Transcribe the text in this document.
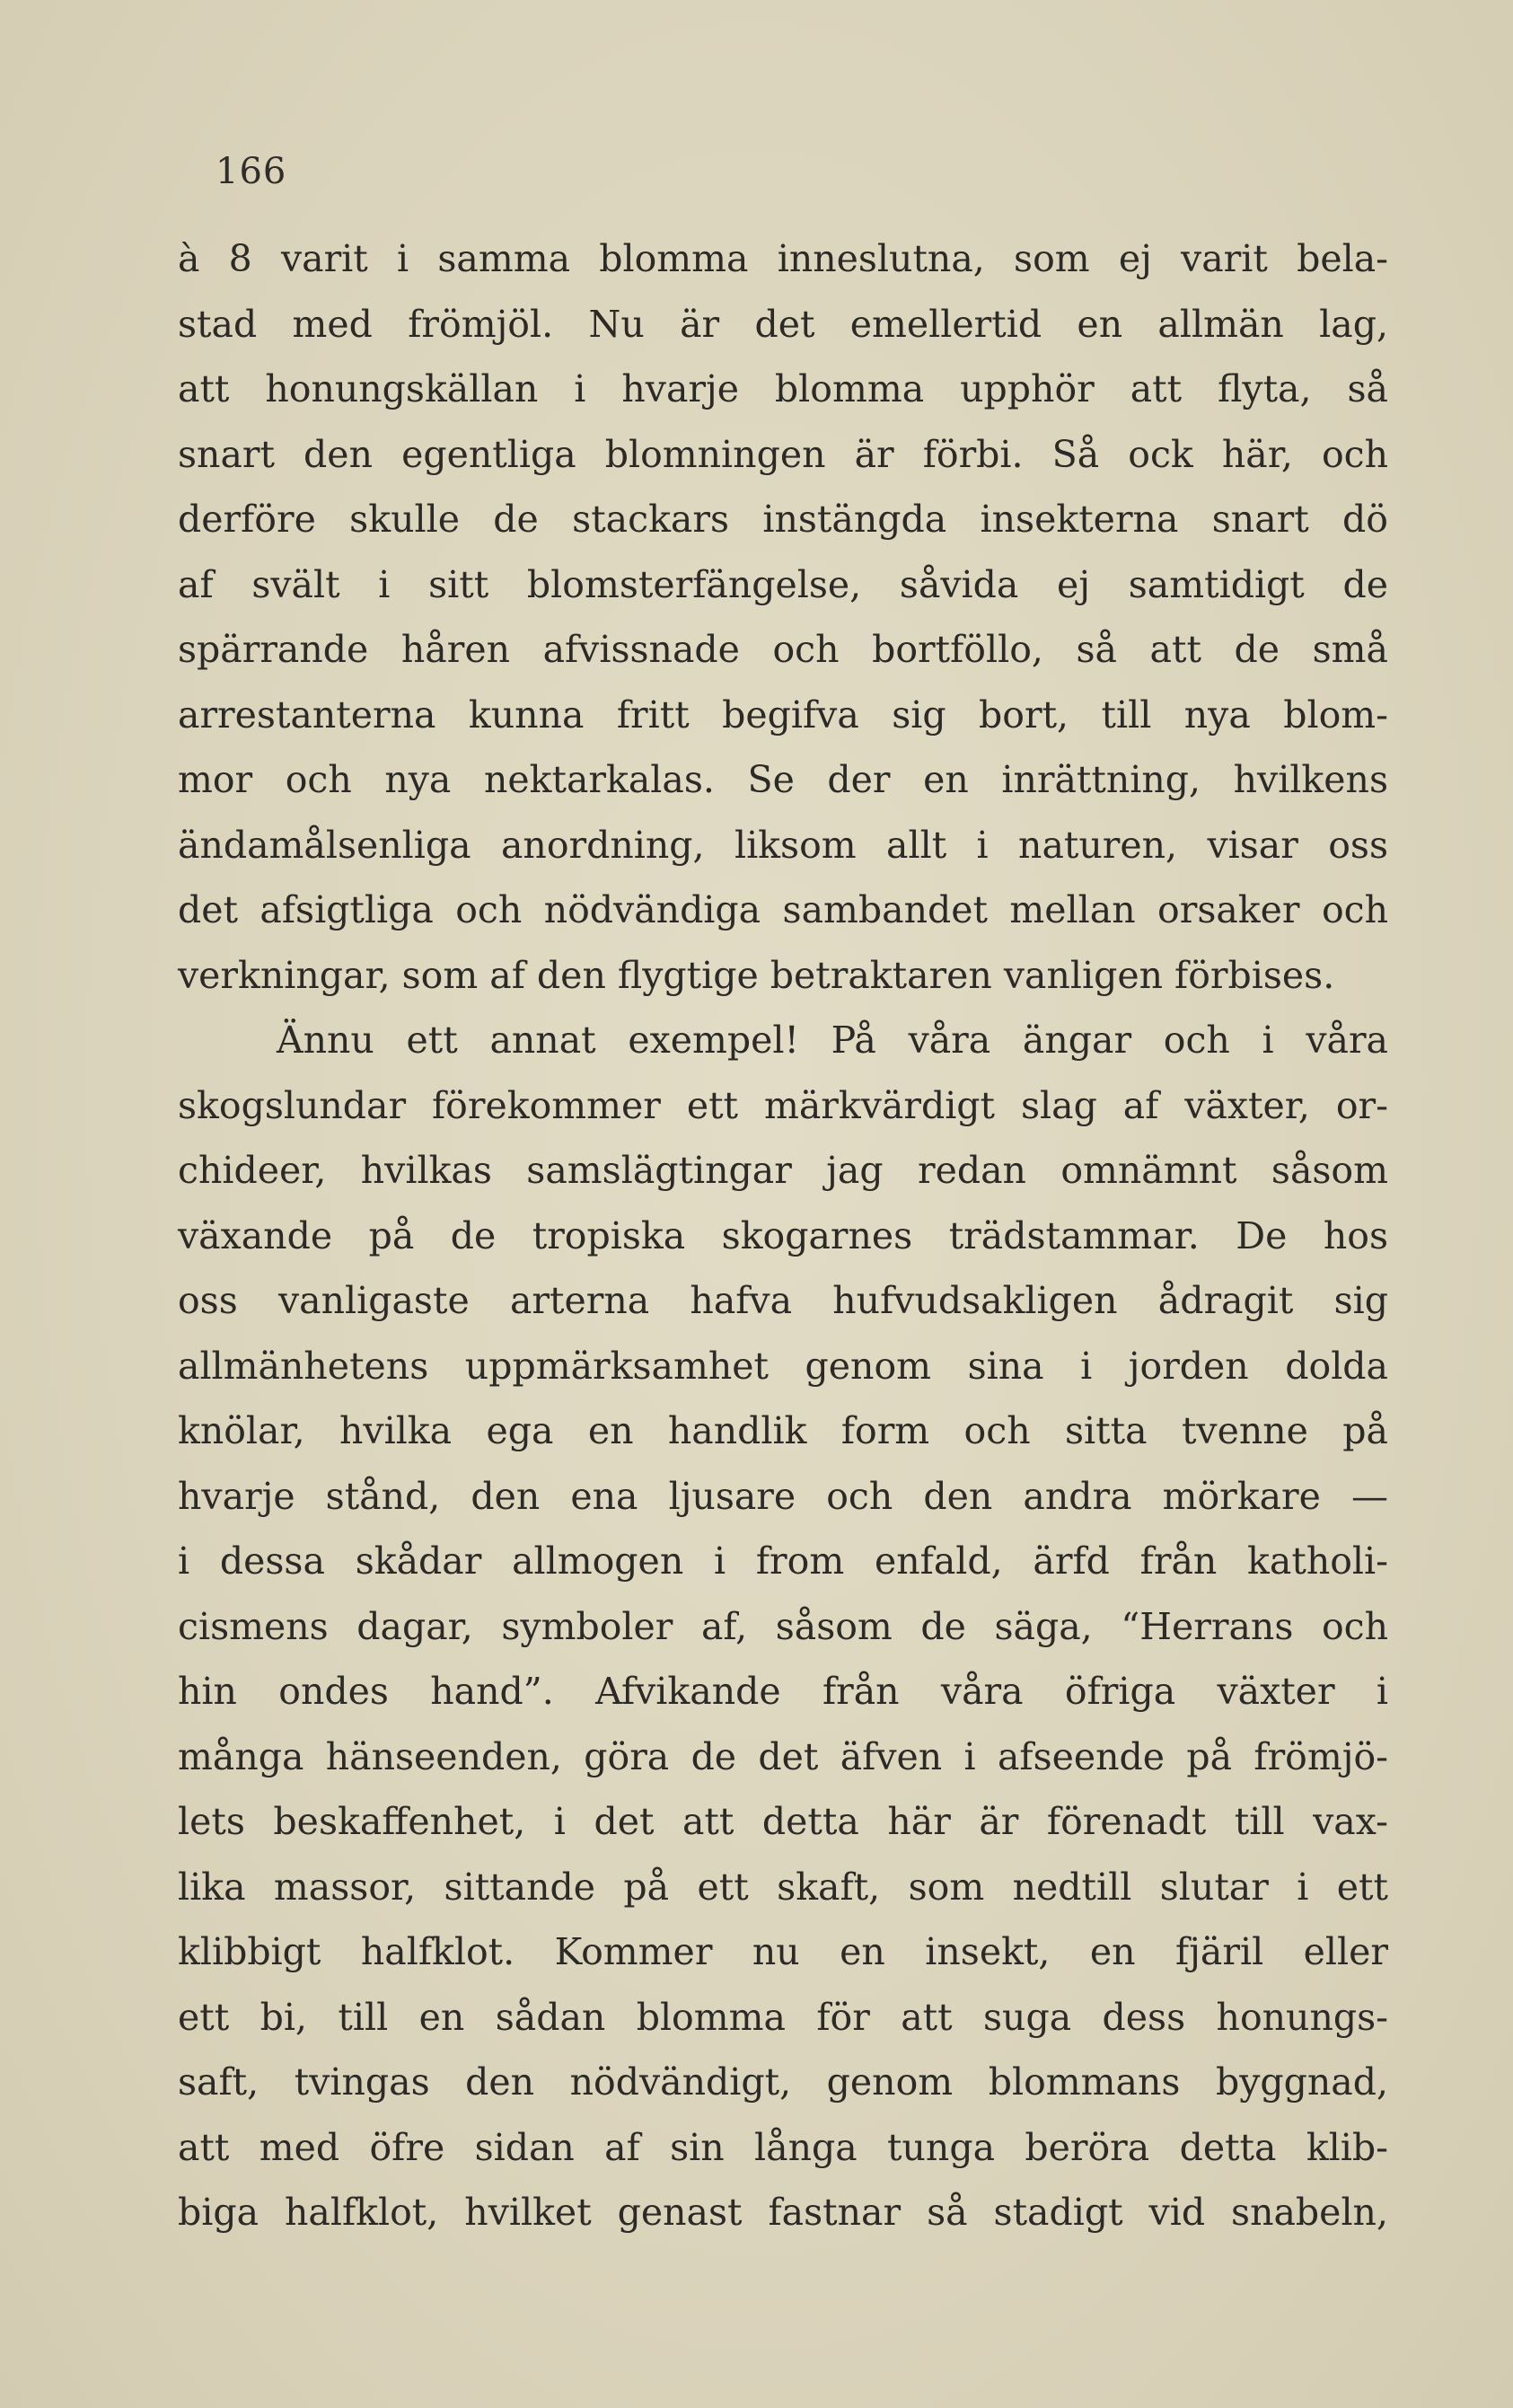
166
à 8 varit i samma blomma inneslutna, som ej varit bela-
stad med frömjöl. Nu är det emellertid en allmän lag,
att honungskällan i hvarje blomma upphör att flyta, så
snart den egentliga blomningen är förbi. Så ock här, och
derföre skulle de stackars instängda insekterna snart dö
af svält i sitt blomsterfängelse, såvida ej samtidigt de
spärrande håren afvissnade och bortföllo, så att de små
arrestanterna kunna fritt begifva sig bort, till nya blom-
mor och nya nektarkalas. Se der en inrättning, hvilkens
ändamålsenliga anordning, liksom allt i naturen, visar oss
det afsigtliga och nödvändiga sambandet mellan orsaker och
verkningar, som af den flygtige betraktaren vanligen förbises.
Ännu ett annat exempel! På våra ängar och i våra
skogslundar förekommer ett märkvärdigt slag af växter, or-
chideer, hvilkas samslägtingar jag redan omnämnt såsom
växande på de tropiska skogarnes trädstammar. De hos
oss vanligaste arterna hafva hufvudsakligen ådragit sig
allmänhetens uppmärksamhet genom sina i jorden dolda
knölar, hvilka ega en handlik form och sitta tvenne på
hvarje stånd, den ena ljusare och den andra mörkare —
i dessa skådar allmogen i from enfald, ärfd från katholi-
cismens dagar, symboler af, såsom de säga, “Herrans och
hin ondes hand”. Afvikande från våra öfriga växter i
många hänseenden, göra de det äfven i afseende på frömjö-
lets beskaffenhet, i det att detta här är förenadt till vax-
lika massor, sittande på ett skaft, som nedtill slutar i ett
klibbigt halfklot. Kommer nu en insekt, en fjäril eller
ett bi, till en sådan blomma för att suga dess honungs-
saft, tvingas den nödvändigt, genom blommans byggnad,
att med öfre sidan af sin långa tunga beröra detta klib-
biga halfklot, hvilket genast fastnar så stadigt vid snabeln,
